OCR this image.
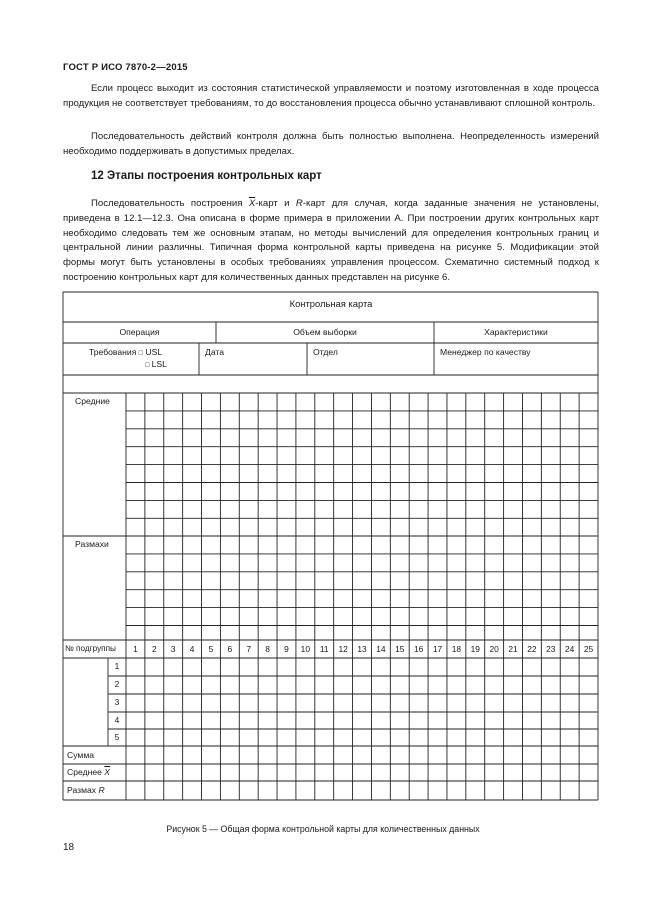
ГОСТ Р ИСО 7870-2—2015

Если процесс выходит из состояния статистической управляемости и поэтому изготовленная в ходе процесса продукция не соответствует требованиям, то до восстановления процесса обычно устанавливают сплошной контроль.

Последовательность действий контроля должна быть полностью выполнена. Неопределенность измерений необходимо поддерживать в допустимых пределах.

12 Этапы построения контрольных карт

Последовательность построения $\overline{X}$-карт и R-карт для случая, когда заданные значения не установлены, приведена в 12.1—12.3. Она описана в форме примера в приложении А. При построении других контрольных карт необходимо следовать тем же основным этапам, но методы вычислений для определения контрольных границ и центральной линии различны. Типичная форма контрольной карты приведена на рисунке 5. Модификации этой формы могут быть установлены в особых требованиях управления процессом. Схематично системный подход к построению контрольных карт для количественных данных представлен на рисунке 6.

Контрольная карта
Операция	Объем выборки	Характеристики
Требования □ USL
□ LSL
Дата	Отдел	Менеджер по качеству
Средние
Размахи
№ подгруппы	1	2	3	4	5	6	7	8	9	10	11	12	13	14	15	16	17	18	19	20	21	22	23	24	25
1
2
3
4
5
Сумма
Среднее $\overline{X}$
Размах R
Рисунок 5 — Общая форма контрольной карты для количественных данных
18
